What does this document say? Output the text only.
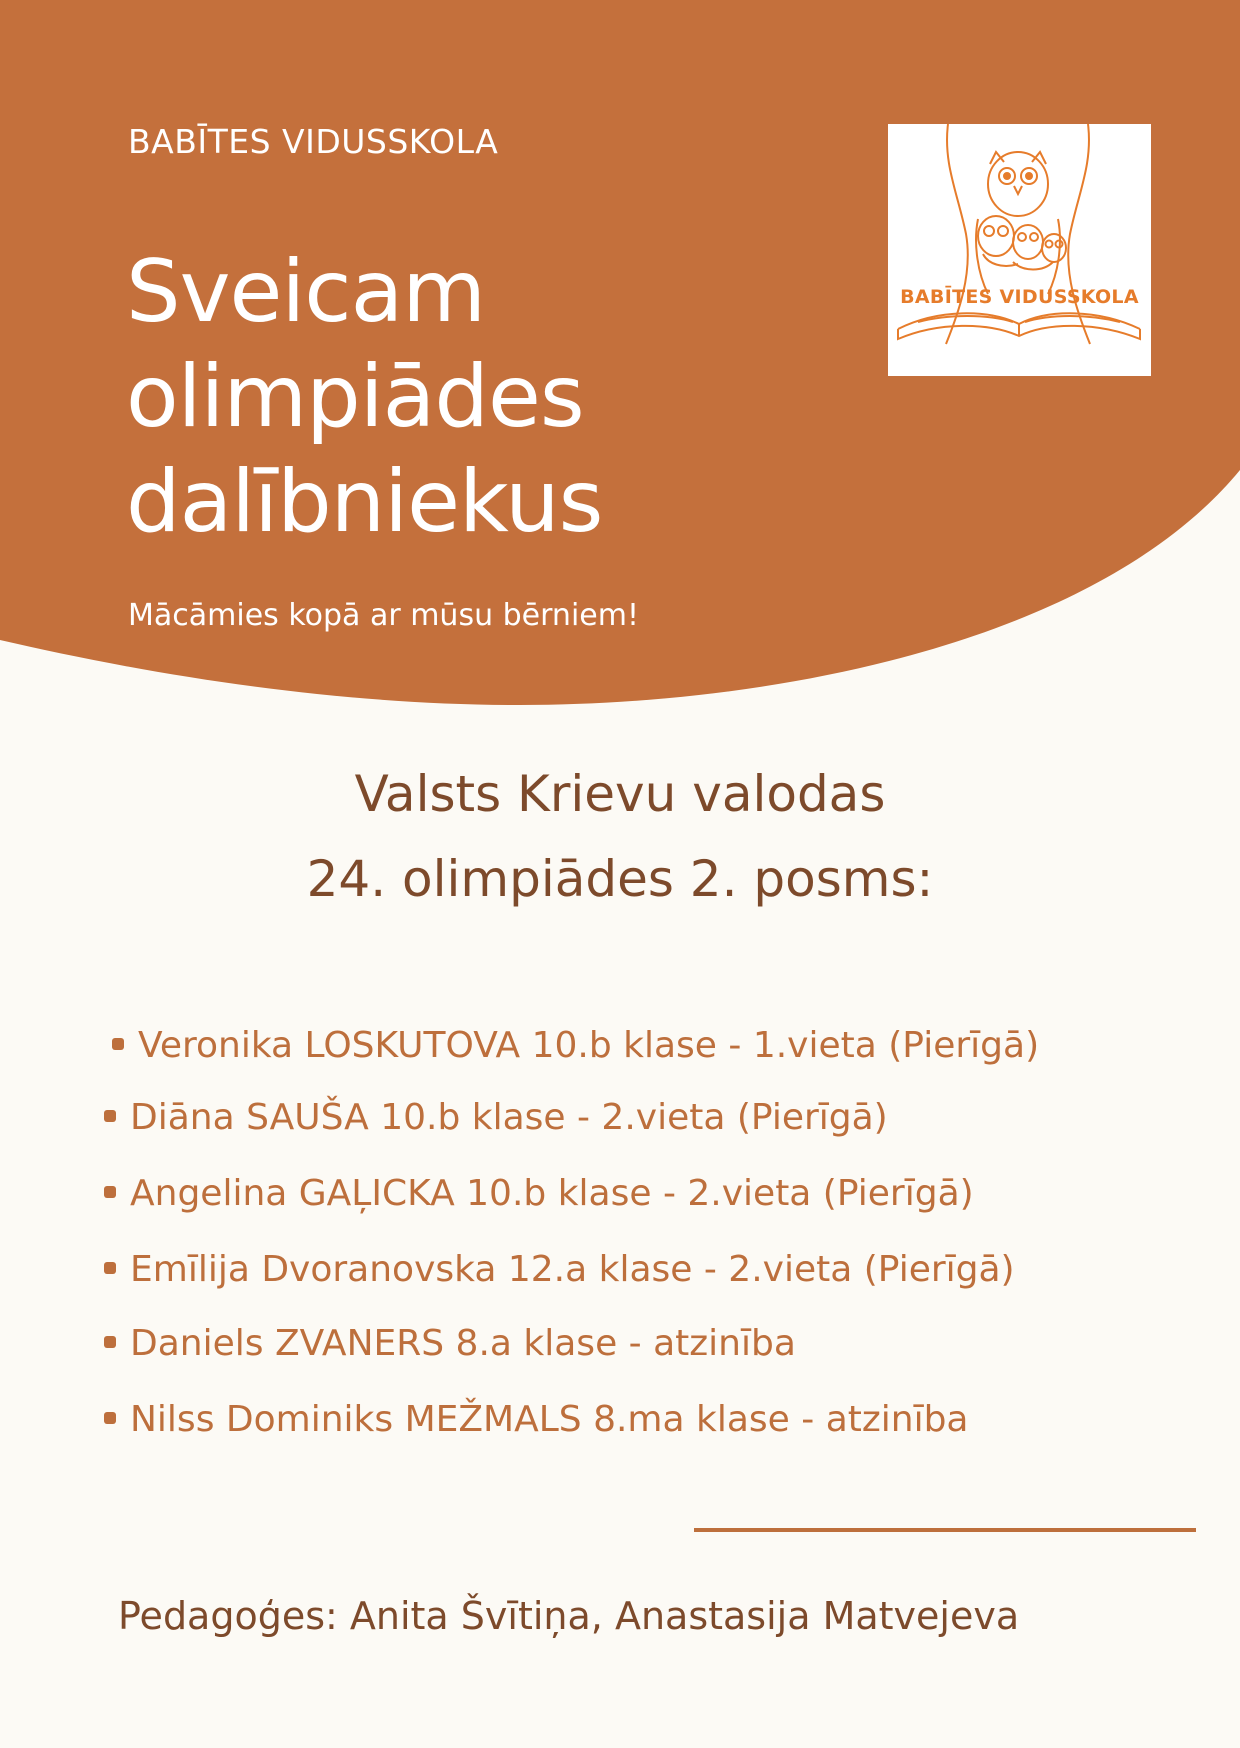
BABĪTES VIDUSSKOLA
Sveicam
olimpiādes
dalībniekus
Mācāmies kopā ar mūsu bērniem!
BABĪTES VIDUSSKOLA
Valsts Krievu valodas
24. olimpiādes 2. posms:
Veronika LOSKUTOVA 10.b klase - 1.vieta (Pierīgā)
Diāna SAUŠA 10.b klase - 2.vieta (Pierīgā)
Angelina GAĻICKA 10.b klase - 2.vieta (Pierīgā)
Emīlija Dvoranovska 12.a klase - 2.vieta (Pierīgā)
Daniels ZVANERS 8.a klase - atzinība
Nilss Dominiks MEŽMALS 8.ma klase - atzinība
Pedagoģes: Anita Švītiņa, Anastasija Matvejeva
